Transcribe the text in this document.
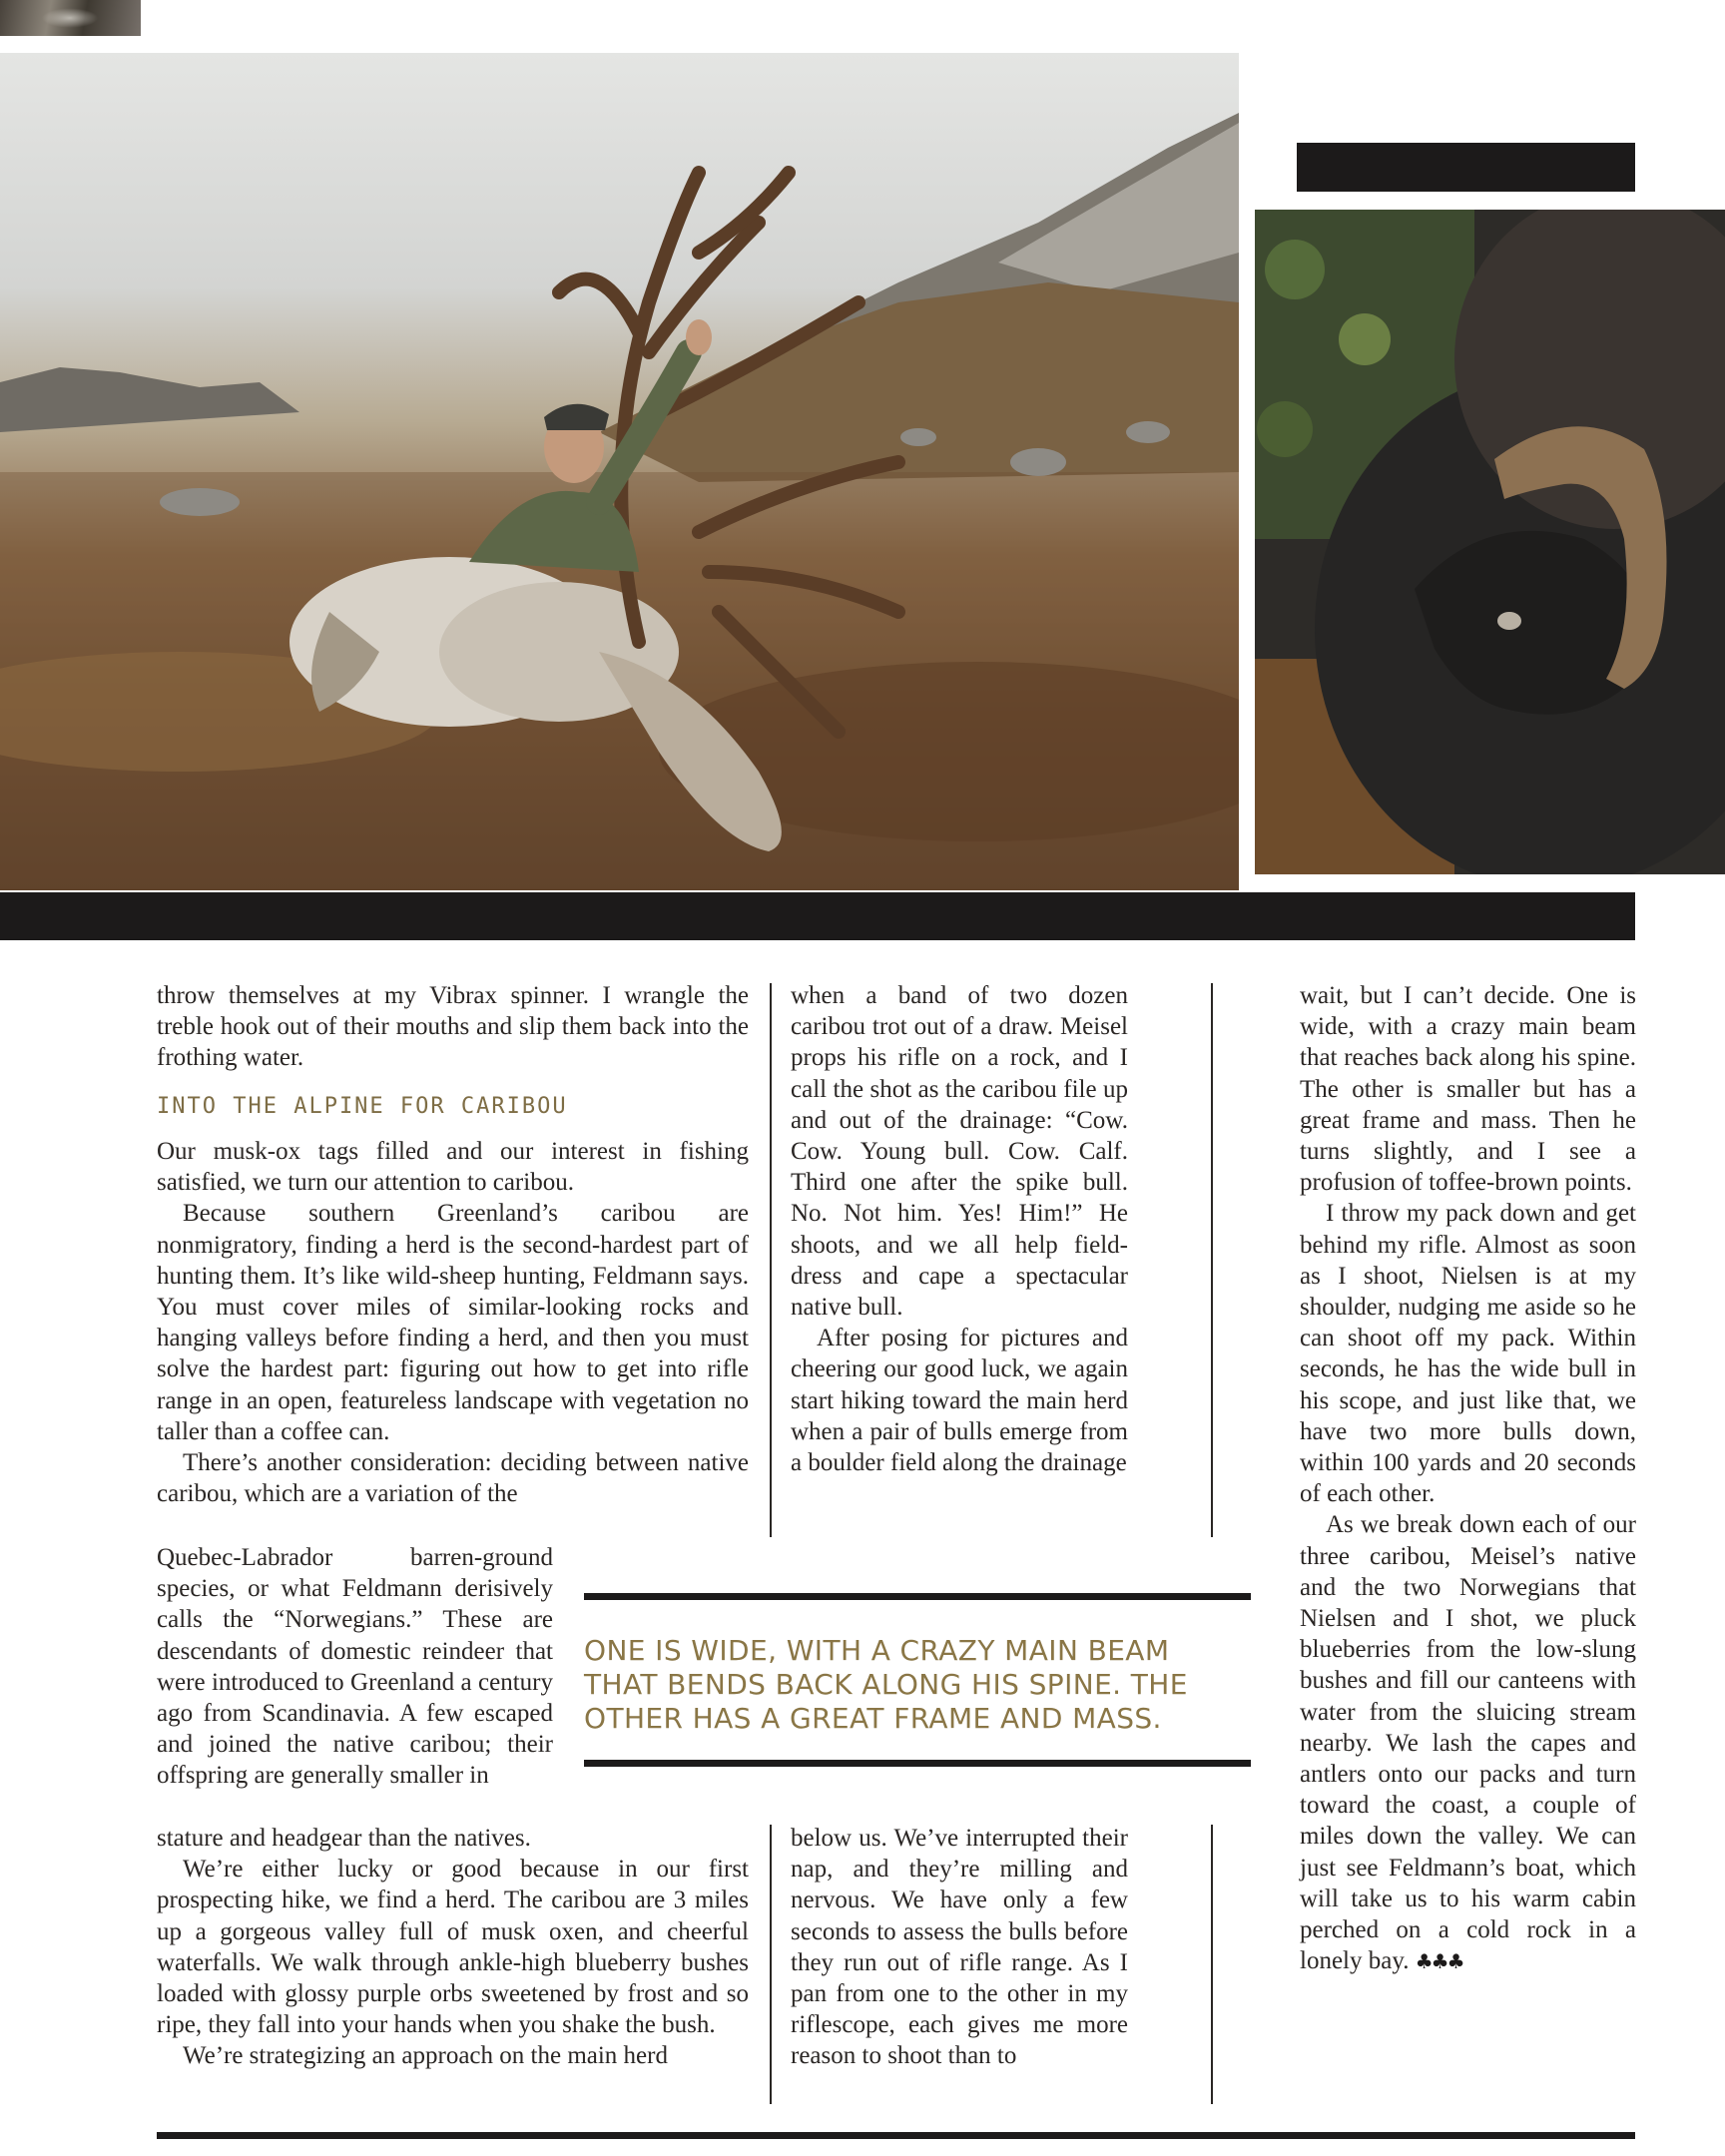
throw themselves at my Vibrax spinner. I wrangle the treble hook out of their mouths and slip them back into the frothing water.

INTO THE ALPINE FOR CARIBOU

Our musk-ox tags filled and our interest in fishing satisfied, we turn our attention to caribou.

Because southern Greenland’s caribou are nonmigratory, finding a herd is the second-hardest part of hunting them. It’s like wild-sheep hunting, Feldmann says. You must cover miles of similar-looking rocks and hanging valleys before finding a herd, and then you must solve the hardest part: figuring out how to get into rifle range in an open, featureless landscape with vegetation no taller than a coffee can.

There’s another consideration: deciding between native caribou, which are a variation of the

Quebec-Labrador barren-ground species, or what Feldmann derisively calls the “Norwegians.” These are descendants of domestic reindeer that were introduced to Greenland a century ago from Scandinavia. A few escaped and joined the native caribou; their offspring are generally smaller in

stature and headgear than the natives.

We’re either lucky or good because in our first prospecting hike, we find a herd. The caribou are 3 miles up a gorgeous valley full of musk oxen, and cheerful waterfalls. We walk through ankle-high blueberry bushes loaded with glossy purple orbs sweetened by frost and so ripe, they fall into your hands when you shake the bush.

We’re strategizing an approach on the main herd

when a band of two dozen caribou trot out of a draw. Meisel props his rifle on a rock, and I call the shot as the caribou file up and out of the drainage: “Cow. Cow. Young bull. Cow. Calf. Third one after the spike bull. No. Not him. Yes! Him!” He shoots, and we all help field-dress and cape a spectacular native bull.

After posing for pictures and cheering our good luck, we again start hiking toward the main herd when a pair of bulls emerge from a boulder field along the drainage

ONE IS WIDE, WITH A CRAZY MAIN BEAM THAT BENDS BACK ALONG HIS SPINE. THE OTHER HAS A GREAT FRAME AND MASS.

below us. We’ve interrupted their nap, and they’re milling and nervous. We have only a few seconds to assess the bulls before they run out of rifle range. As I pan from one to the other in my riflescope, each gives me more reason to shoot than to

wait, but I can’t decide. One is wide, with a crazy main beam that reaches back along his spine. The other is smaller but has a great frame and mass. Then he turns slightly, and I see a profusion of toffee-brown points.

I throw my pack down and get behind my rifle. Almost as soon as I shoot, Nielsen is at my shoulder, nudging me aside so he can shoot off my pack. Within seconds, he has the wide bull in his scope, and just like that, we have two more bulls down, within 100 yards and 20 seconds of each other.

As we break down each of our three caribou, Meisel’s native and the two Norwegians that Nielsen and I shot, we pluck blueberries from the low-slung bushes and fill our canteens with water from the sluicing stream nearby. We lash the capes and antlers onto our packs and turn toward the coast, a couple of miles down the valley. We can just see Feldmann’s boat, which will take us to his warm cabin perched on a cold rock in a lonely bay. ♣♣♣
